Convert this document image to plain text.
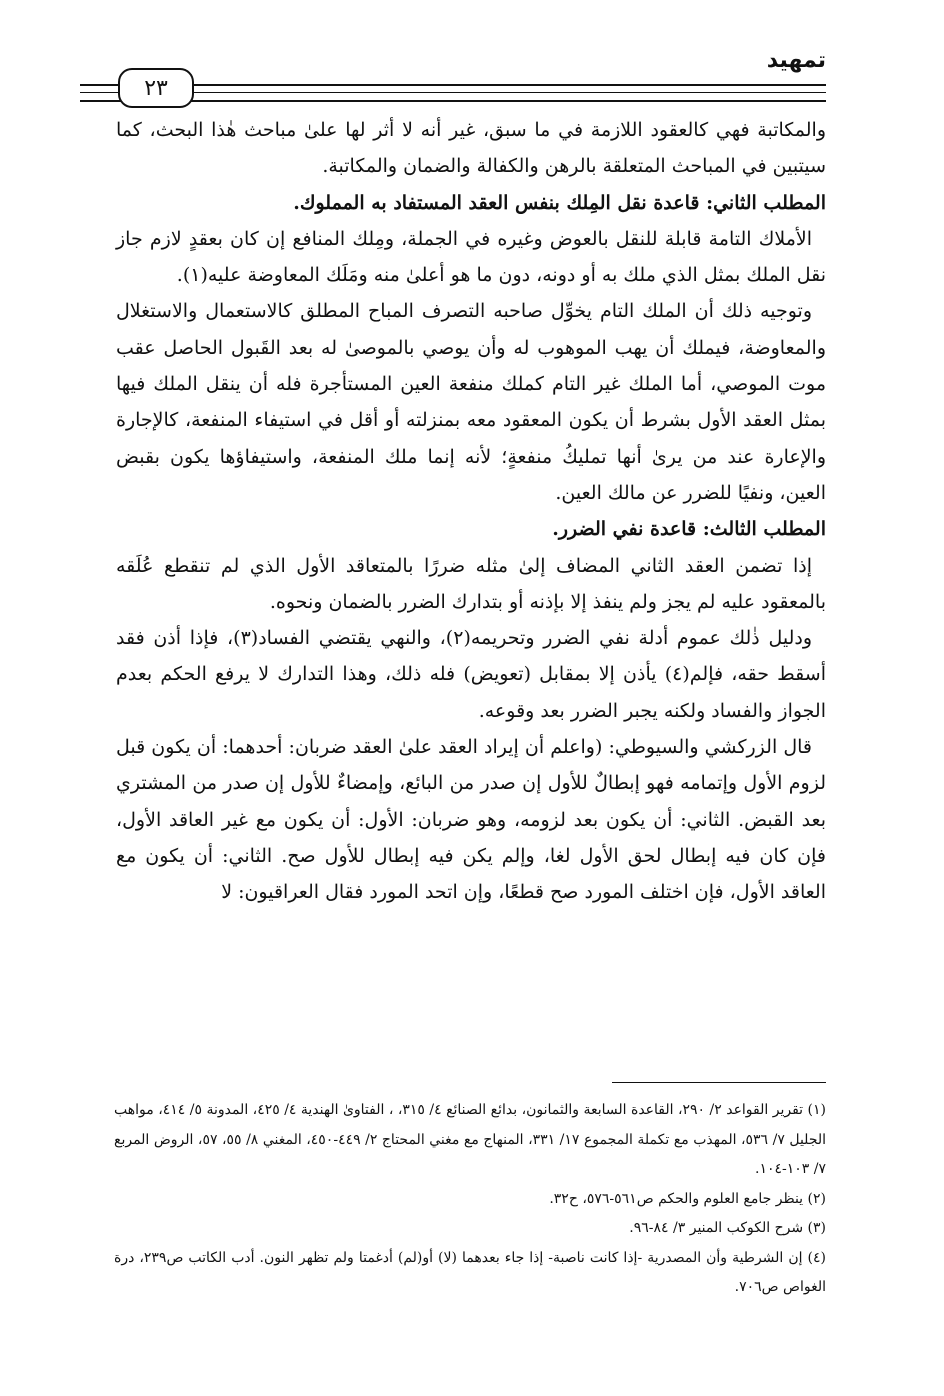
تمهيد
٢٣

والمكاتبة فهي كالعقود اللازمة في ما سبق، غير أنه لا أثر لها علىٰ مباحث هٰذا البحث، كما سيتبين في المباحث المتعلقة بالرهن والكفالة والضمان والمكاتبة.

المطلب الثاني: قاعدة نقل المِلك بنفس العقد المستفاد به المملوك.

الأملاك التامة قابلة للنقل بالعوض وغيره في الجملة، ومِلك المنافع إن كان بعقدٍ لازم جاز نقل الملك بمثل الذي ملك به أو دونه، دون ما هو أعلىٰ منه ومَلَك المعاوضة عليه(١).

وتوجيه ذلك أن الملك التام يخوِّل صاحبه التصرف المباح المطلق كالاستعمال والاستغلال والمعاوضة، فيملك أن يهب الموهوب له وأن يوصي بالموصىٰ له بعد القَبول الحاصل عقب موت الموصي، أما الملك غير التام كملك منفعة العين المستأجرة فله أن ينقل الملك فيها بمثل العقد الأول بشرط أن يكون المعقود معه بمنزلته أو أقل في استيفاء المنفعة، كالإجارة والإعارة عند من يرىٰ أنها تمليكُ منفعةٍ؛ لأنه إنما ملك المنفعة، واستيفاؤها يكون بقبض العين، ونفيًا للضرر عن مالك العين.

المطلب الثالث: قاعدة نفي الضرر.

إذا تضمن العقد الثاني المضاف إلىٰ مثله ضررًا بالمتعاقد الأول الذي لم تنقطع عُلَقه بالمعقود عليه لم يجز ولم ينفذ إلا بإذنه أو بتدارك الضرر بالضمان ونحوه.

ودليل ذٰلك عموم أدلة نفي الضرر وتحريمه(٢)، والنهي يقتضي الفساد(٣)، فإذا أذن فقد أسقط حقه، فإلم(٤) يأذن إلا بمقابل (تعويض) فله ذلك، وهذا التدارك لا يرفع الحكم بعدم الجواز والفساد ولكنه يجبر الضرر بعد وقوعه.

قال الزركشي والسيوطي: (واعلم أن إيراد العقد علىٰ العقد ضربان: أحدهما: أن يكون قبل لزوم الأول وإتمامه فهو إبطالٌ للأول إن صدر من البائع، وإمضاءٌ للأول إن صدر من المشتري بعد القبض. الثاني: أن يكون بعد لزومه، وهو ضربان: الأول: أن يكون مع غير العاقد الأول، فإن كان فيه إبطال لحق الأول لغا، وإلم يكن فيه إبطال للأول صح. الثاني: أن يكون مع العاقد الأول، فإن اختلف المورد صح قطعًا، وإن اتحد المورد فقال العراقيون: لا

(١) تقرير القواعد ٢/ ٢٩٠، القاعدة السابعة والثمانون، بدائع الصنائع ٤/ ٣١٥، ، الفتاوىٰ الهندية ٤/ ٤٢٥، المدونة ٥/ ٤١٤، مواهب الجليل ٧/ ٥٣٦، المهذب مع تكملة المجموع ١٧/ ٣٣١، المنهاج مع مغني المحتاج ٢/ ٤٤٩-٤٥٠، المغني ٨/ ٥٥، ٥٧، الروض المربع ٧/ ١٠٣-١٠٤.

(٢) ينظر جامع العلوم والحكم ص٥٦١-٥٧٦، ح٣٢.

(٣) شرح الكوكب المنير ٣/ ٨٤-٩٦.

(٤) إن الشرطية وأن المصدرية -إذا كانت ناصبة- إذا جاء بعدهما (لا) أو(لم) أدغمتا ولم تظهر النون. أدب الكاتب ص٢٣٩، درة الغواص ص٧٠٦.
